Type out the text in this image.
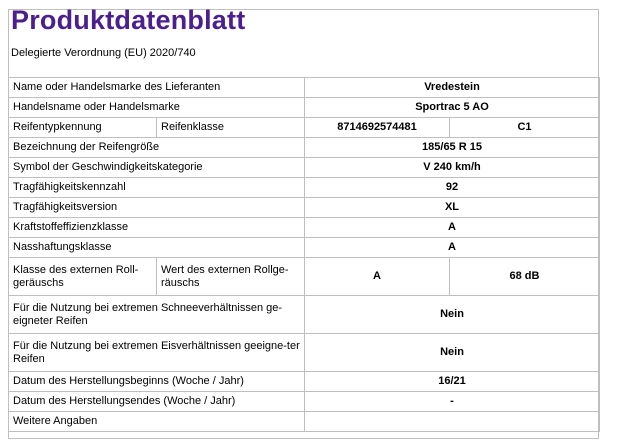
Produktdatenblatt
Delegierte Verordnung (EU) 2020/740
Name oder Handelsmarke des Lieferanten		Vredestein	
Handelsname oder Handelsmarke		Sportrac 5 AO	
Reifentypkennung	Reifenklasse	8714692574481	C1
Bezeichnung der Reifengröße		185/65 R 15	
Symbol der Geschwindigkeitskategorie		V 240 km/h	
Tragfähigkeitskennzahl		92	
Tragfähigkeitsversion		XL	
Kraftstoffeffizienzklasse		A	
Nasshaftungsklasse		A	
Klasse des externen Roll-geräuschs	Wert des externen Rollge-räuschs	A	68 dB
Für die Nutzung bei extremen Schneeverhältnissen ge-eigneter Reifen		Nein	
Für die Nutzung bei extremen Eisverhältnissen geeigne-ter Reifen		Nein	
Datum des Herstellungsbeginns (Woche / Jahr)		16/21	
Datum des Herstellungsendes (Woche / Jahr)		-	
Weitere Angaben			
